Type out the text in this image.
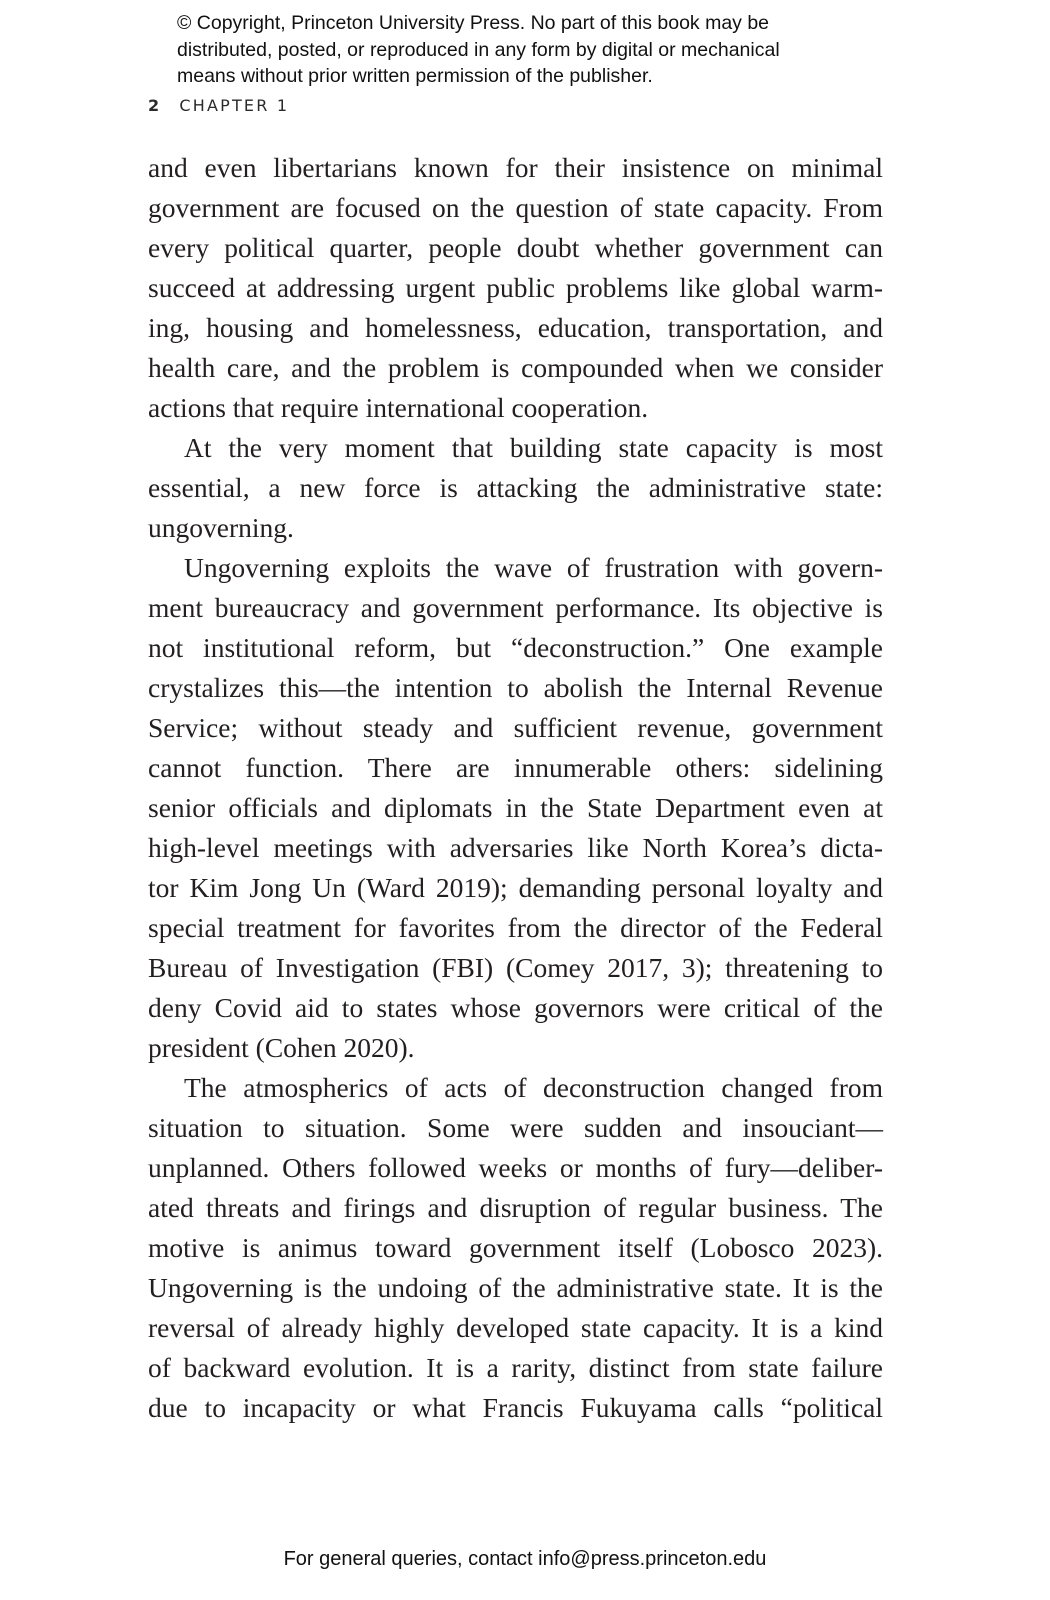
© Copyright, Princeton University Press. No part of this book may be
distributed, posted, or reproduced in any form by digital or mechanical
means without prior written permission of the publisher.
2 CHAPTER 1
and even libertarians known for their insistence on minimal
government are focused on the question of state capacity. From
every political quarter, people doubt whether government can
succeed at addressing urgent public problems like global warm-
ing, housing and homelessness, education, transportation, and
health care, and the problem is compounded when we consider
actions that require international cooperation.
At the very moment that building state capacity is most
essential, a new force is attacking the administrative state:
ungoverning.
Ungoverning exploits the wave of frustration with govern-
ment bureaucracy and government performance. Its objective is
not institutional reform, but “deconstruction.” One example
crystalizes this—the intention to abolish the Internal Revenue
Service; without steady and sufficient revenue, government
cannot function. There are innumerable others: sidelining
senior officials and diplomats in the State Department even at
high-level meetings with adversaries like North Korea’s dicta-
tor Kim Jong Un (Ward 2019); demanding personal loyalty and
special treatment for favorites from the director of the Federal
Bureau of Investigation (FBI) (Comey 2017, 3); threatening to
deny Covid aid to states whose governors were critical of the
president (Cohen 2020).
The atmospherics of acts of deconstruction changed from
situation to situation. Some were sudden and insouciant—
unplanned. Others followed weeks or months of fury—deliber-
ated threats and firings and disruption of regular business. The
motive is animus toward government itself (Lobosco 2023).
Ungoverning is the undoing of the administrative state. It is the
reversal of already highly developed state capacity. It is a kind
of backward evolution. It is a rarity, distinct from state failure
due to incapacity or what Francis Fukuyama calls “political
For general queries, contact info@press.princeton.edu
